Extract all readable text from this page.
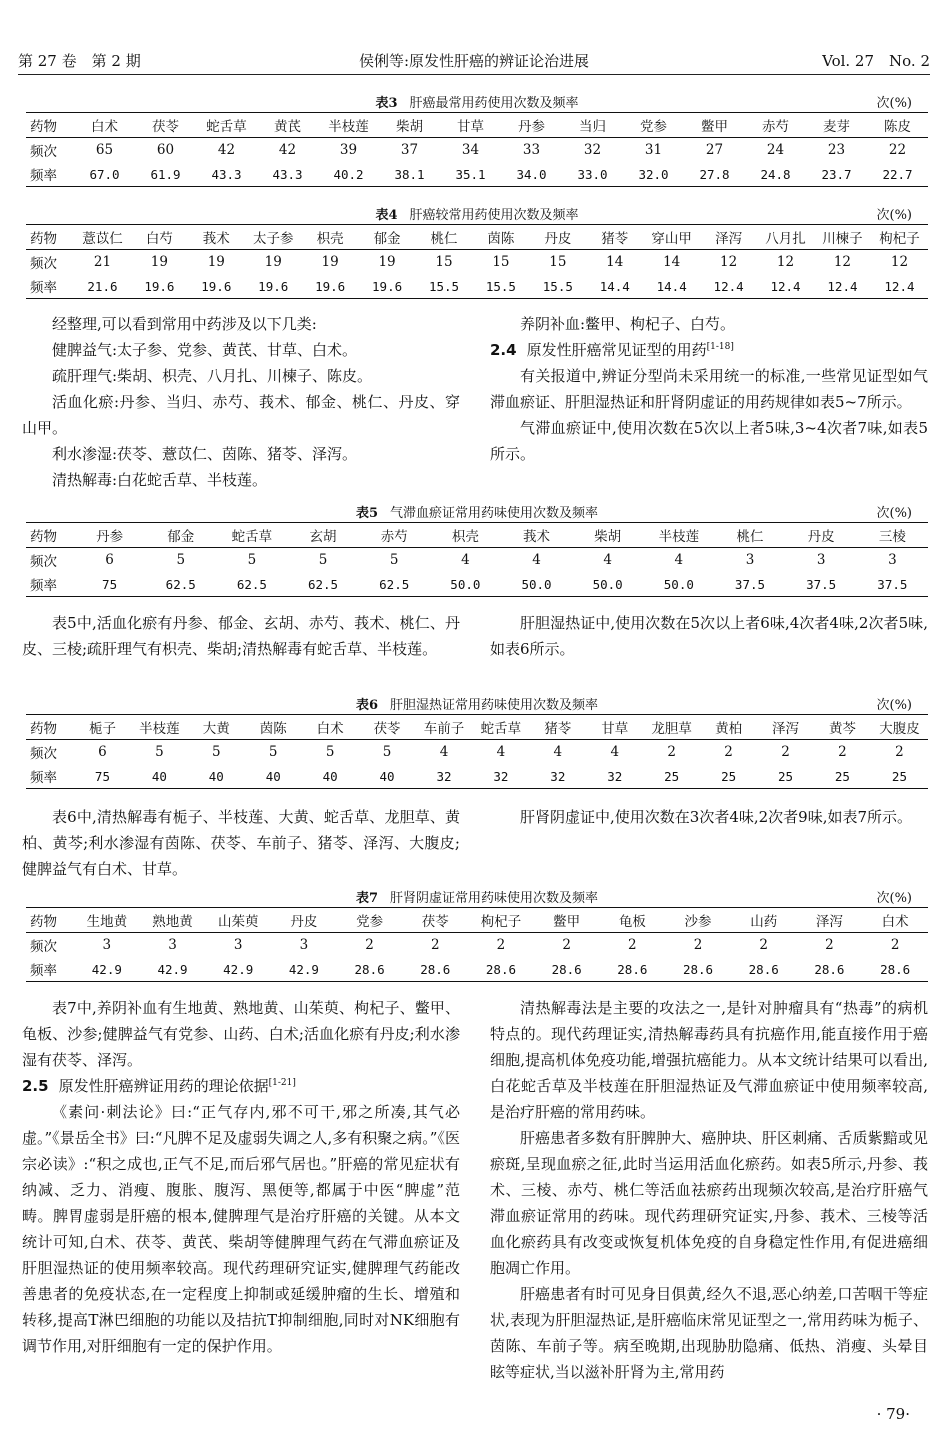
第 27 卷　第 2 期	侯俐等:原发性肝癌的辨证论治进展	Vol. 27　No. 2
表3 肝癌最常用药使用次数及频率	次(%)
药物	白术	茯苓	蛇舌草	黄芪	半枝莲	柴胡	甘草	丹参	当归	党参	鳖甲	赤芍	麦芽	陈皮
频次	65	60	42	42	39	37	34	33	32	31	27	24	23	22
频率	67.0	61.9	43.3	43.3	40.2	38.1	35.1	34.0	33.0	32.0	27.8	24.8	23.7	22.7
表4 肝癌较常用药使用次数及频率	次(%)
药物	薏苡仁	白芍	莪术	太子参	枳壳	郁金	桃仁	茵陈	丹皮	猪苓	穿山甲	泽泻	八月扎	川楝子	枸杞子
频次	21	19	19	19	19	19	15	15	15	14	14	12	12	12	12
频率	21.6	19.6	19.6	19.6	19.6	19.6	15.5	15.5	15.5	14.4	14.4	12.4	12.4	12.4	12.4

经整理,可以看到常用中药涉及以下几类:

健脾益气:太子参、党参、黄芪、甘草、白术。

疏肝理气:柴胡、枳壳、八月扎、川楝子、陈皮。

活血化瘀:丹参、当归、赤芍、莪术、郁金、桃仁、丹皮、穿山甲。

利水渗湿:茯苓、薏苡仁、茵陈、猪苓、泽泻。

清热解毒:白花蛇舌草、半枝莲。

养阴补血:鳖甲、枸杞子、白芍。

2.4 原发性肝癌常见证型的用药[1-18]

有关报道中,辨证分型尚未采用统一的标准,一些常见证型如气滞血瘀证、肝胆湿热证和肝肾阴虚证的用药规律如表5~7所示。

气滞血瘀证中,使用次数在5次以上者5味,3~4次者7味,如表5所示。

表5 气滞血瘀证常用药味使用次数及频率	次(%)
药物	丹参	郁金	蛇舌草	玄胡	赤芍	枳壳	莪术	柴胡	半枝莲	桃仁	丹皮	三棱
频次	6	5	5	5	5	4	4	4	4	3	3	3
频率	75	62.5	62.5	62.5	62.5	50.0	50.0	50.0	50.0	37.5	37.5	37.5

表5中,活血化瘀有丹参、郁金、玄胡、赤芍、莪术、桃仁、丹皮、三棱;疏肝理气有枳壳、柴胡;清热解毒有蛇舌草、半枝莲。

肝胆湿热证中,使用次数在5次以上者6味,4次者4味,2次者5味,如表6所示。

表6 肝胆湿热证常用药味使用次数及频率	次(%)
药物	栀子	半枝莲	大黄	茵陈	白术	茯苓	车前子	蛇舌草	猪苓	甘草	龙胆草	黄柏	泽泻	黄芩	大腹皮
频次	6	5	5	5	5	5	4	4	4	4	2	2	2	2	2
频率	75	40	40	40	40	40	32	32	32	32	25	25	25	25	25

表6中,清热解毒有栀子、半枝莲、大黄、蛇舌草、龙胆草、黄柏、黄芩;利水渗湿有茵陈、茯苓、车前子、猪苓、泽泻、大腹皮;健脾益气有白术、甘草。

肝肾阴虚证中,使用次数在3次者4味,2次者9味,如表7所示。

表7 肝肾阴虚证常用药味使用次数及频率	次(%)
药物	生地黄	熟地黄	山茱萸	丹皮	党参	茯苓	枸杞子	鳖甲	龟板	沙参	山药	泽泻	白术
频次	3	3	3	3	2	2	2	2	2	2	2	2	2
频率	42.9	42.9	42.9	42.9	28.6	28.6	28.6	28.6	28.6	28.6	28.6	28.6	28.6

表7中,养阴补血有生地黄、熟地黄、山茱萸、枸杞子、鳖甲、龟板、沙参;健脾益气有党参、山药、白术;活血化瘀有丹皮;利水渗湿有茯苓、泽泻。

2.5 原发性肝癌辨证用药的理论依据[1-21]

《素问·刺法论》曰:“正气存内,邪不可干,邪之所凑,其气必虚。”《景岳全书》曰:“凡脾不足及虚弱失调之人,多有积聚之病。”《医宗必读》:“积之成也,正气不足,而后邪气居也。”肝癌的常见症状有纳减、乏力、消瘦、腹胀、腹泻、黑便等,都属于中医“脾虚”范畴。脾胃虚弱是肝癌的根本,健脾理气是治疗肝癌的关键。从本文统计可知,白术、茯苓、黄芪、柴胡等健脾理气药在气滞血瘀证及肝胆湿热证的使用频率较高。现代药理研究证实,健脾理气药能改善患者的免疫状态,在一定程度上抑制或延缓肿瘤的生长、增殖和转移,提高T淋巴细胞的功能以及拮抗T抑制细胞,同时对NK细胞有调节作用,对肝细胞有一定的保护作用。

清热解毒法是主要的攻法之一,是针对肿瘤具有“热毒”的病机特点的。现代药理证实,清热解毒药具有抗癌作用,能直接作用于癌细胞,提高机体免疫功能,增强抗癌能力。从本文统计结果可以看出,白花蛇舌草及半枝莲在肝胆湿热证及气滞血瘀证中使用频率较高,是治疗肝癌的常用药味。

肝癌患者多数有肝脾肿大、癌肿块、肝区刺痛、舌质紫黯或见瘀斑,呈现血瘀之征,此时当运用活血化瘀药。如表5所示,丹参、莪术、三棱、赤芍、桃仁等活血祛瘀药出现频次较高,是治疗肝癌气滞血瘀证常用的药味。现代药理研究证实,丹参、莪术、三棱等活血化瘀药具有改变或恢复机体免疫的自身稳定性作用,有促进癌细胞凋亡作用。

肝癌患者有时可见身目俱黄,经久不退,恶心纳差,口苦咽干等症状,表现为肝胆湿热证,是肝癌临床常见证型之一,常用药味为栀子、茵陈、车前子等。病至晚期,出现胁肋隐痛、低热、消瘦、头晕目眩等症状,当以滋补肝肾为主,常用药

· 79·
